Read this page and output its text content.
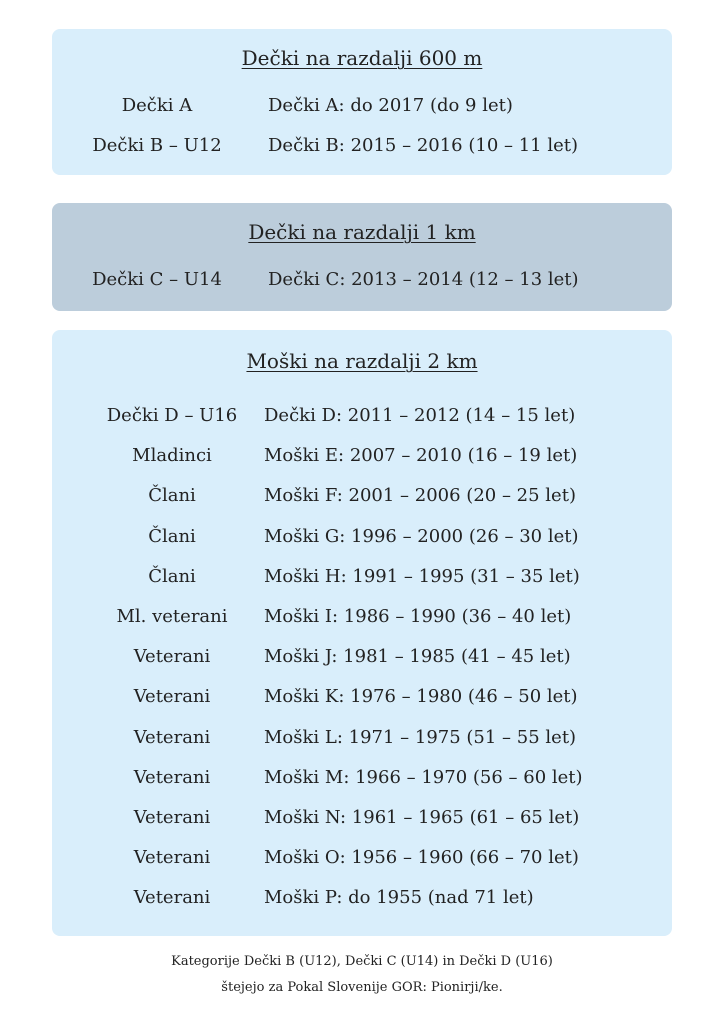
Dečki na razdalji 600 m
Dečki A	Dečki A: do 2017 (do 9 let)
Dečki B – U12	Dečki B: 2015 – 2016 (10 – 11 let)
Dečki na razdalji 1 km
Dečki C – U14	Dečki C: 2013 – 2014 (12 – 13 let)
Moški na razdalji 2 km
Dečki D – U16	Dečki D: 2011 – 2012 (14 – 15 let)
Mladinci	Moški E: 2007 – 2010 (16 – 19 let)
Člani	Moški F: 2001 – 2006 (20 – 25 let)
Člani	Moški G: 1996 – 2000 (26 – 30 let)
Člani	Moški H: 1991 – 1995 (31 – 35 let)
Ml. veterani	Moški I: 1986 – 1990 (36 – 40 let)
Veterani	Moški J: 1981 – 1985 (41 – 45 let)
Veterani	Moški K: 1976 – 1980 (46 – 50 let)
Veterani	Moški L: 1971 – 1975 (51 – 55 let)
Veterani	Moški M: 1966 – 1970 (56 – 60 let)
Veterani	Moški N: 1961 – 1965 (61 – 65 let)
Veterani	Moški O: 1956 – 1960 (66 – 70 let)
Veterani	Moški P: do 1955 (nad 71 let)
Kategorije Dečki B (U12), Dečki C (U14) in Dečki D (U16)
štejejo za Pokal Slovenije GOR: Pionirji/ke.
